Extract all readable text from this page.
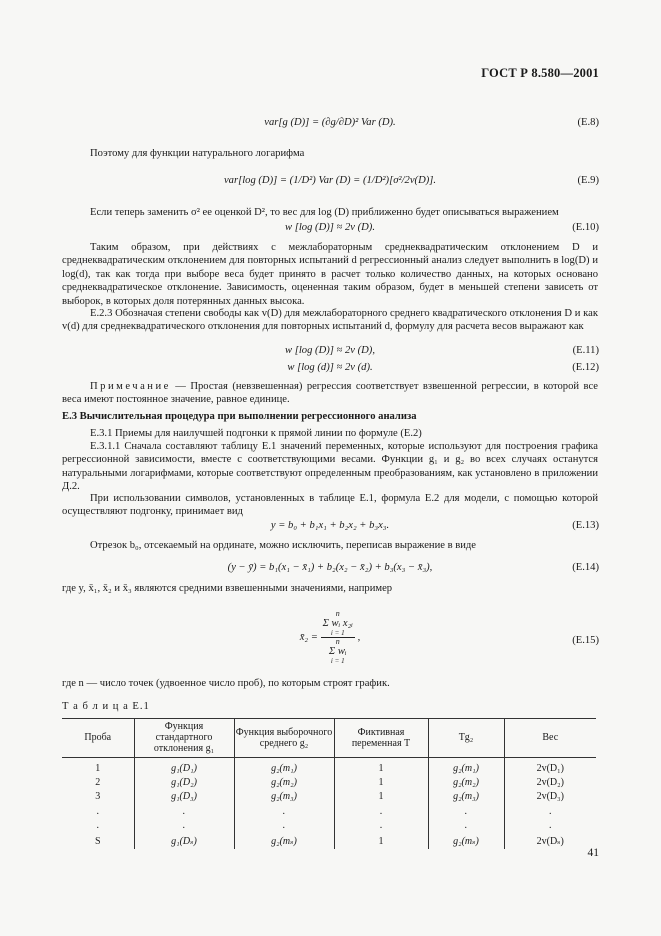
ГОСТ Р 8.580—2001
var[g (D)] = (∂g/∂D)² Var (D).	(E.8)
Поэтому для функции натурального логарифма
var[log (D)] = (1/D²) Var (D) = (1/D²)[σ²/2v(D)].	(E.9)
Если теперь заменить σ² ее оценкой D², то вес для log (D) приближенно будет описываться выражением
w [log (D)] ≈ 2v (D).	(E.10)
Таким образом, при действиях с межлабораторным среднеквадратическим отклонением D и среднеквадратическим отклонением для повторных испытаний d регрессионный анализ следует выполнить в log(D) и log(d), так как тогда при выборе веса будет принято в расчет только количество данных, на которых основано среднеквадратическое отклонение. Зависимость, оцененная таким образом, будет в меньшей степени зависеть от выборок, в которых доля потерянных данных высока.
Е.2.3 Обозначая степени свободы как v(D) для межлабораторного среднего квадратического отклонения D и как v(d) для среднеквадратического отклонения для повторных испытаний d, формулу для расчета весов выражают как
w [log (D)] ≈ 2v (D),	(E.11)
w [log (d)] ≈ 2v (d).	(E.12)
Примечание — Простая (невзвешенная) регрессия соответствует взвешенной регрессии, в которой все веса имеют постоянное значение, равное единице.
Е.3 Вычислительная процедура при выполнении регрессионного анализа
Е.3.1 Приемы для наилучшей подгонки к прямой линии по формуле (Е.2)
Е.3.1.1 Сначала составляют таблицу Е.1 значений переменных, которые используют для построения графика регрессионной зависимости, вместе с соответствующими весами. Функции g₁ и g₂ во всех случаях останутся натуральными логарифмами, которые соответствуют определенным преобразованиям, как установлено в приложении Д.2.
При использовании символов, установленных в таблице Е.1, формула Е.2 для модели, с помощью которой осуществляют подгонку, принимает вид
y = b₀ + b₁x₁ + b₂x₂ + b₃x₃.	(E.13)
Отрезок b₀, отсекаемый на ординате, можно исключить, переписав выражение в виде
(y − ȳ) = b₁(x₁ − x̄₁) + b₂(x₂ − x̄₂) + b₃(x₃ − x̄₃),	(E.14)
где y, x̄₁, x̄₂ и x̄₃ являются средними взвешенными значениями, например
x̄₂ = n
Σ wᵢ x₂ᵢ
i = 1
n
Σ wᵢ
i = 1 ,	(E.15)
где n — число точек (удвоенное число проб), по которым строят график.
Т а б л и ц а Е.1
Проба	Функция стандартного отклонения g₁	Функция выборочного среднего g₂	Фиктивная переменная T	Tg₂	Вес
1	g₁(D₁)	g₂(m₁)	1	g₂(m₁)	2v(D₁)
2	g₁(D₂)	g₂(m₂)	1	g₂(m₂)	2v(D₂)
3	g₁(D₃)	g₂(m₃)	1	g₂(m₃)	2v(D₃)
.	.	.	.	.	.
.	.	.	.	.	.
S	g₁(Dₛ)	g₂(mₛ)	1	g₂(mₛ)	2v(Dₛ)
41
